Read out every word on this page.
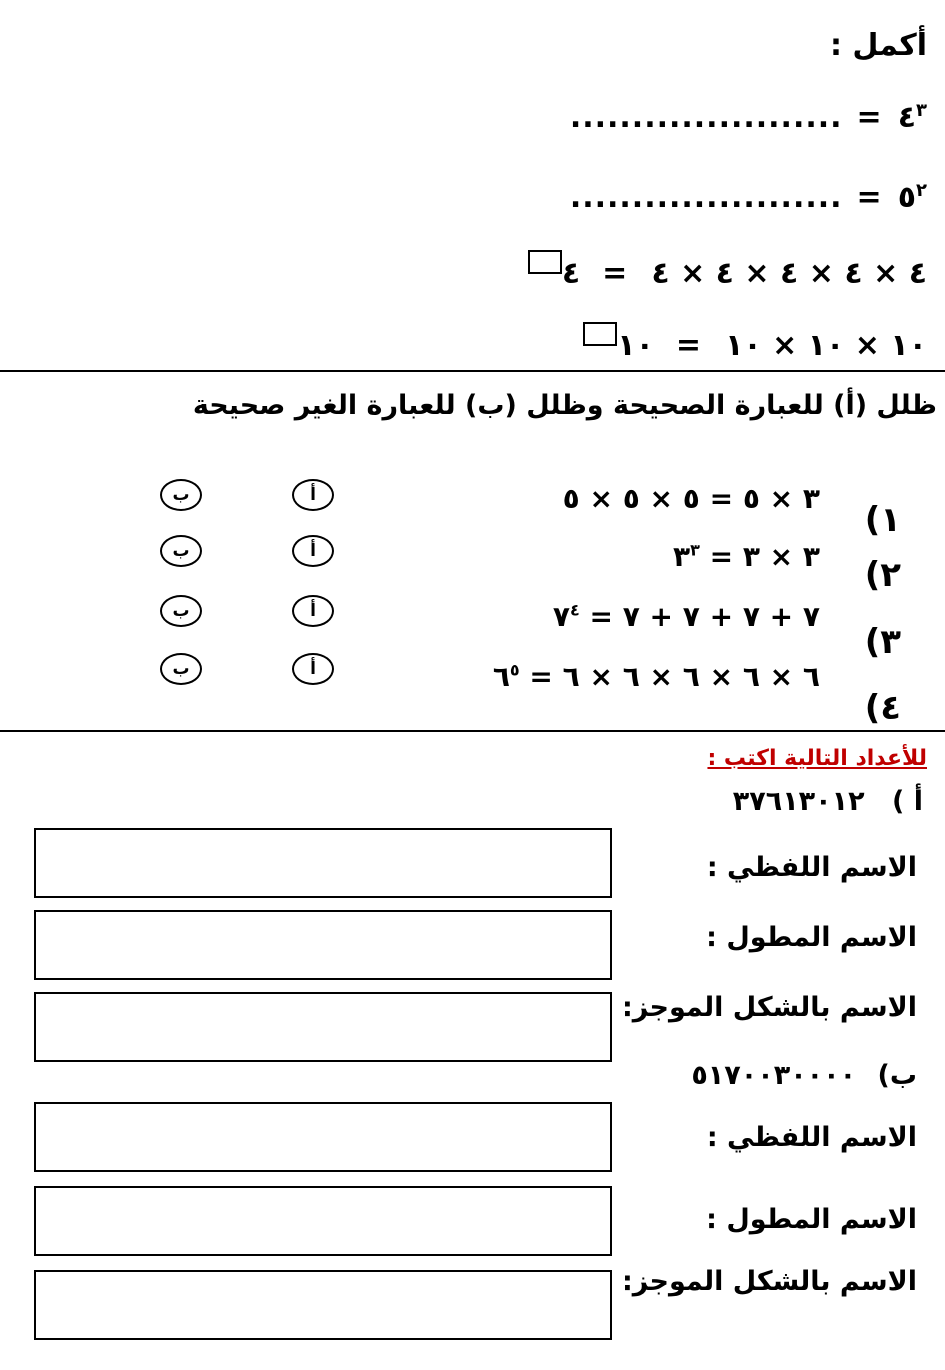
أكمل :
$٤^٣$
=
......................
$٥^٢$
=
......................
٤ × ٤ × ٤ × ٤ × ٤
=
٤
١٠ × ١٠ × ١٠
=
١٠
ظلل (أ) للعبارة الصحيحة وظلل (ب) للعبارة الغير صحيحة
١)
٢)
٣)
٤)
٣ × ٥ = ٥ × ٥ × ٥
٣ × ٣ = $٣^٣$
٧ + ٧ + ٧ + ٧ = $٧^٤$
٦ × ٦ × ٦ × ٦ × ٦ = $٦^٥$
أ
ب
أ
ب
أ
ب
أ
ب
للأعداد التالية اكتب :
أ ) ٣٧٦١٣٠١٢
الاسم اللفظي :
الاسم المطول :
الاسم بالشكل الموجز:
ب) ٥١٧٠٠٣٠٠٠٠
الاسم اللفظي :
الاسم المطول :
الاسم بالشكل الموجز:
